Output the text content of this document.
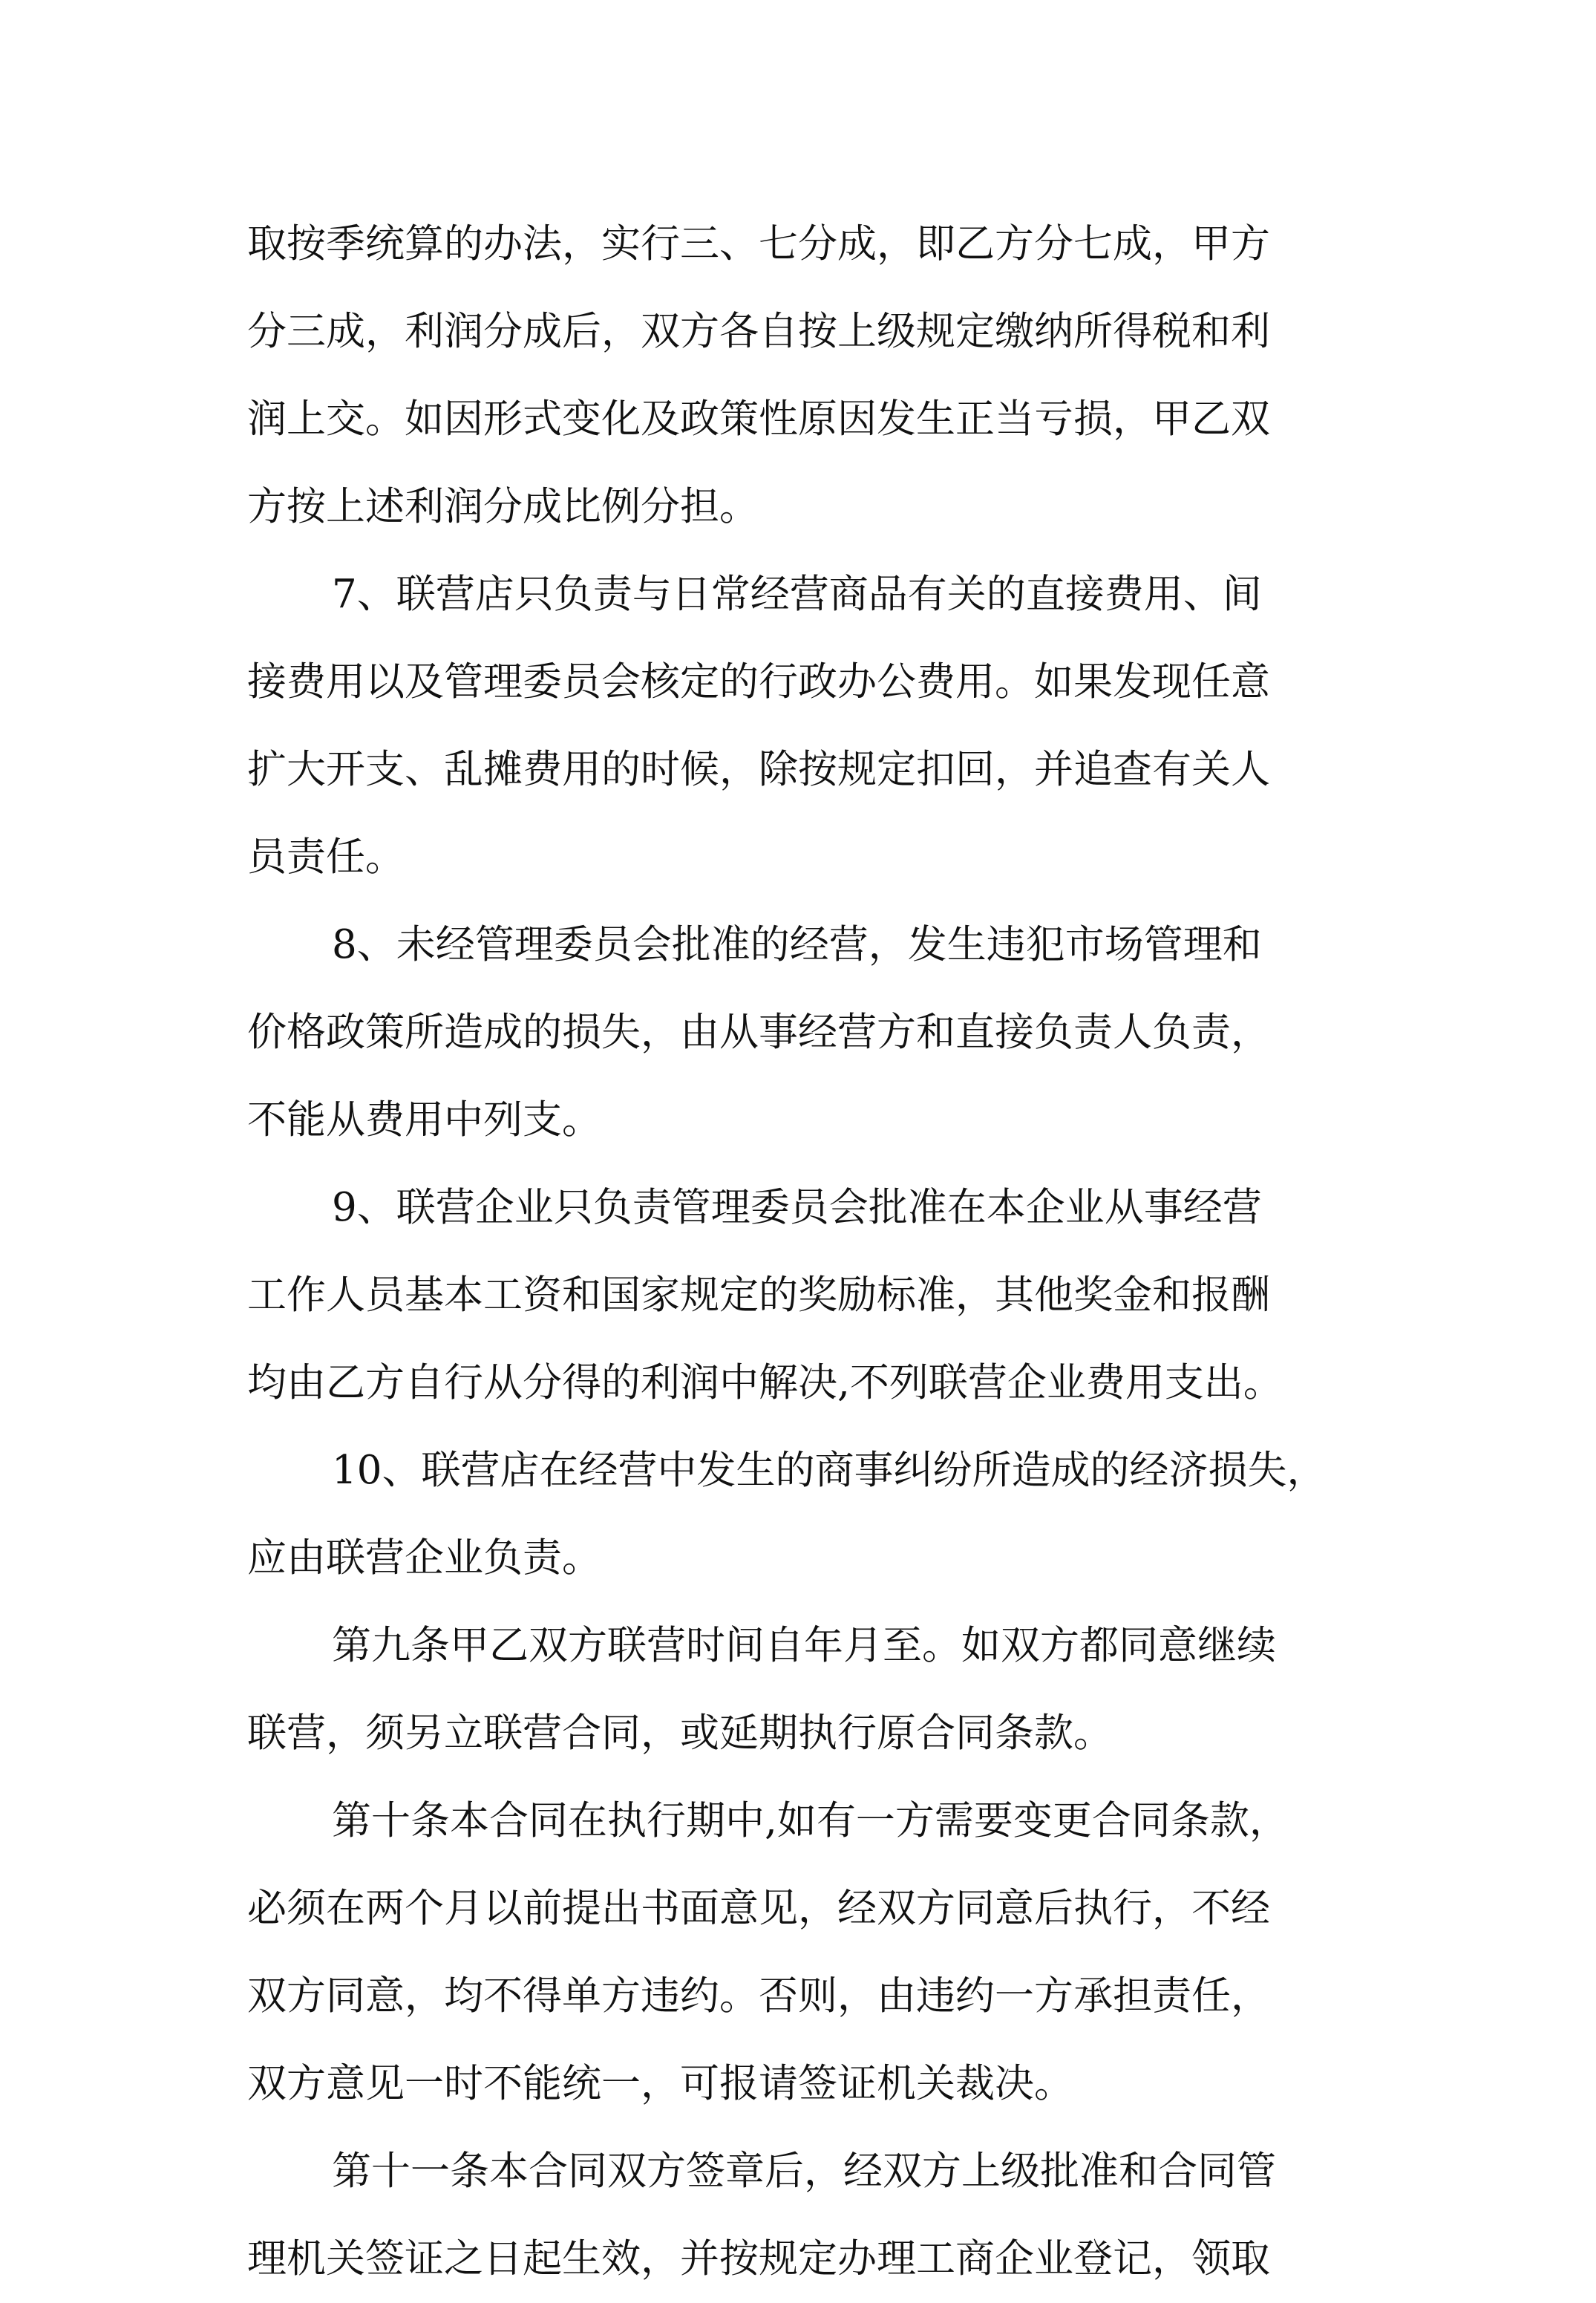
取按季统算的办法，实行三、七分成，即乙方分七成，甲方
分三成，利润分成后，双方各自按上级规定缴纳所得税和利
润上交。如因形式变化及政策性原因发生正当亏损，甲乙双
方按上述利润分成比例分担。

7、联营店只负责与日常经营商品有关的直接费用、间
接费用以及管理委员会核定的行政办公费用。如果发现任意
扩大开支、乱摊费用的时候，除按规定扣回，并追查有关人
员责任。

8、未经管理委员会批准的经营，发生违犯市场管理和
价格政策所造成的损失，由从事经营方和直接负责人负责，
不能从费用中列支。

9、联营企业只负责管理委员会批准在本企业从事经营
工作人员基本工资和国家规定的奖励标准，其他奖金和报酬
均由乙方自行从分得的利润中解决,不列联营企业费用支出。

10、联营店在经营中发生的商事纠纷所造成的经济损失，
应由联营企业负责。

第九条甲乙双方联营时间自年月至。如双方都同意继续
联营，须另立联营合同，或延期执行原合同条款。

第十条本合同在执行期中,如有一方需要变更合同条款，
必须在两个月以前提出书面意见，经双方同意后执行，不经
双方同意，均不得单方违约。否则，由违约一方承担责任，
双方意见一时不能统一，可报请签证机关裁决。

第十一条本合同双方签章后，经双方上级批准和合同管
理机关签证之日起生效，并按规定办理工商企业登记，领取
